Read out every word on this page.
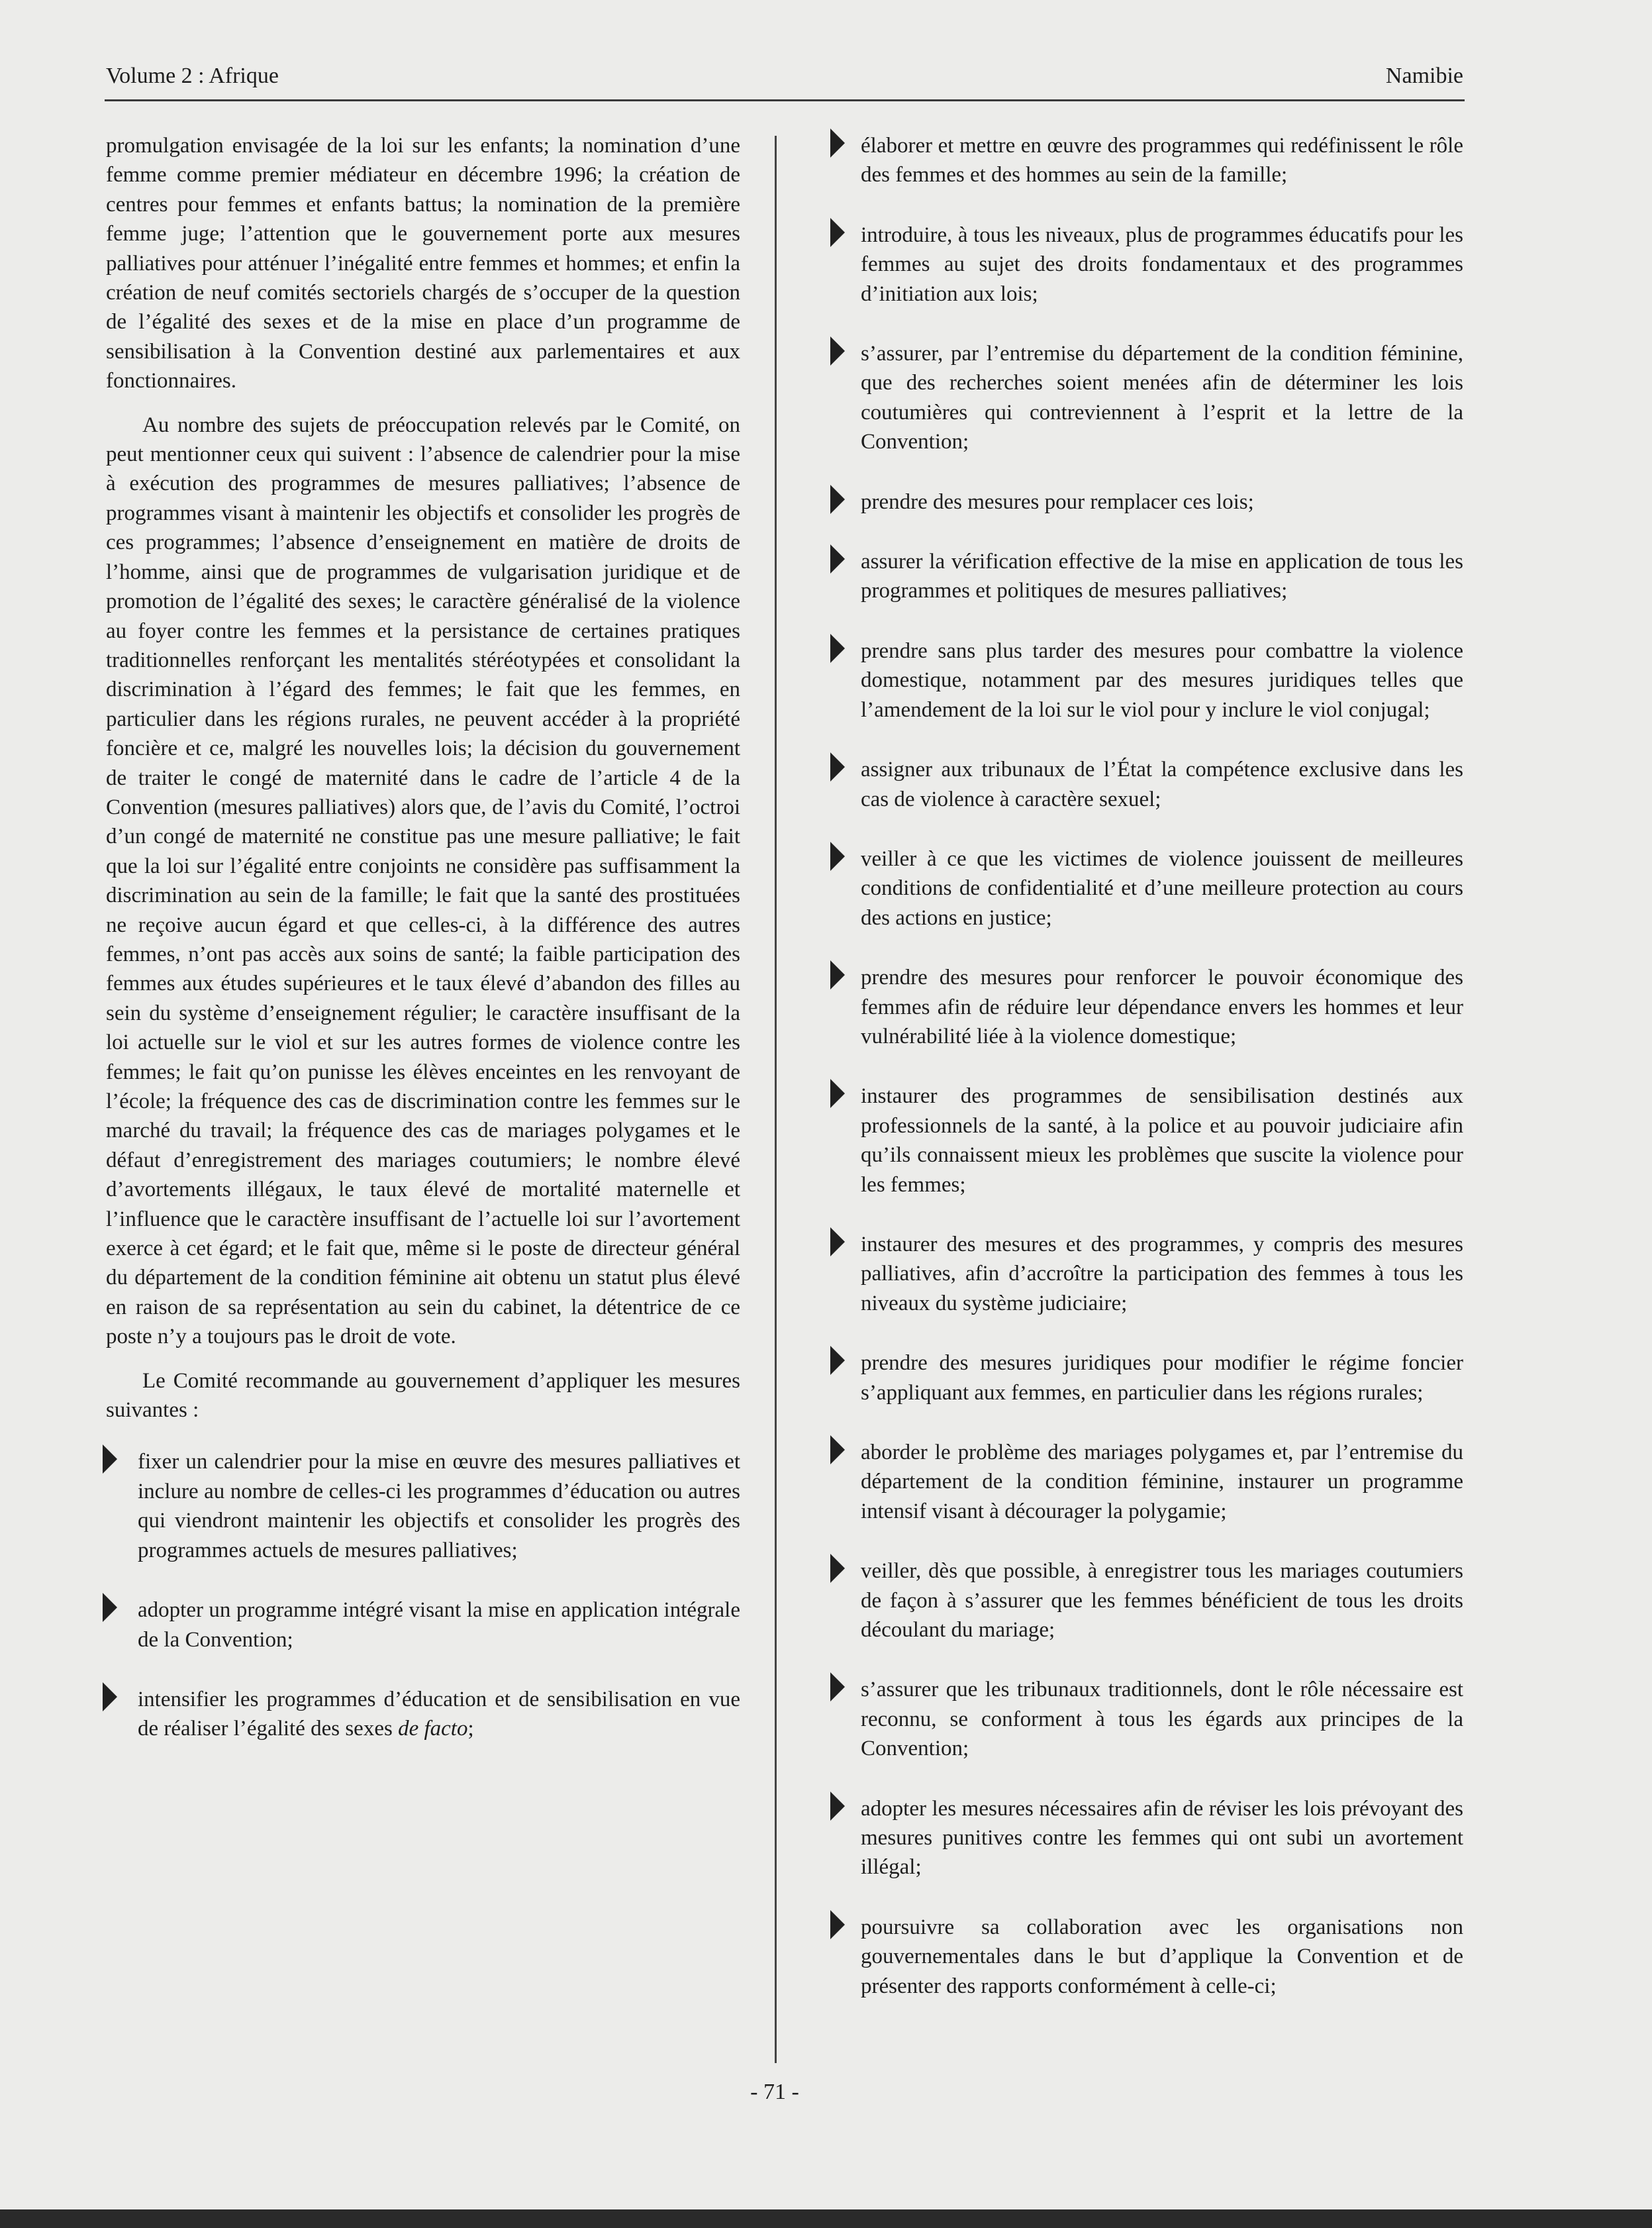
Volume 2 : Afrique	Namibie

promulgation envisagée de la loi sur les enfants; la nomination d’une femme comme premier médiateur en décembre 1996; la création de centres pour femmes et enfants battus; la nomination de la première femme juge; l’attention que le gouvernement porte aux mesures palliatives pour atténuer l’inégalité entre femmes et hommes; et enfin la création de neuf comités sectoriels chargés de s’occuper de la question de l’égalité des sexes et de la mise en place d’un programme de sensibilisation à la Convention destiné aux parlementaires et aux fonctionnaires.

Au nombre des sujets de préoccupation relevés par le Comité, on peut mentionner ceux qui suivent : l’absence de calendrier pour la mise à exécution des programmes de mesures palliatives; l’absence de programmes visant à maintenir les objectifs et consolider les progrès de ces programmes; l’absence d’enseignement en matière de droits de l’homme, ainsi que de programmes de vulgarisation juridique et de promotion de l’égalité des sexes; le caractère généralisé de la violence au foyer contre les femmes et la persistance de certaines pratiques traditionnelles renforçant les mentalités stéréotypées et consolidant la discrimination à l’égard des femmes; le fait que les femmes, en particulier dans les régions rurales, ne peuvent accéder à la propriété foncière et ce, malgré les nouvelles lois; la décision du gouvernement de traiter le congé de maternité dans le cadre de l’article 4 de la Convention (mesures palliatives) alors que, de l’avis du Comité, l’octroi d’un congé de maternité ne constitue pas une mesure palliative; le fait que la loi sur l’égalité entre conjoints ne considère pas suffisamment la discrimination au sein de la famille; le fait que la santé des prostituées ne reçoive aucun égard et que celles-ci, à la différence des autres femmes, n’ont pas accès aux soins de santé; la faible participation des femmes aux études supérieures et le taux élevé d’abandon des filles au sein du système d’enseignement régulier; le caractère insuffisant de la loi actuelle sur le viol et sur les autres formes de violence contre les femmes; le fait qu’on punisse les élèves enceintes en les renvoyant de l’école; la fréquence des cas de discrimination contre les femmes sur le marché du travail; la fréquence des cas de mariages polygames et le défaut d’enregistrement des mariages coutumiers; le nombre élevé d’avortements illégaux, le taux élevé de mortalité maternelle et l’influence que le caractère insuffisant de l’actuelle loi sur l’avortement exerce à cet égard; et le fait que, même si le poste de directeur général du département de la condition féminine ait obtenu un statut plus élevé en raison de sa représentation au sein du cabinet, la détentrice de ce poste n’y a toujours pas le droit de vote.

Le Comité recommande au gouvernement d’appliquer les mesures suivantes :

fixer un calendrier pour la mise en œuvre des mesures palliatives et inclure au nombre de celles-ci les programmes d’éducation ou autres qui viendront maintenir les objectifs et consolider les progrès des programmes actuels de mesures palliatives;

adopter un programme intégré visant la mise en application intégrale de la Convention;

intensifier les programmes d’éducation et de sensibilisation en vue de réaliser l’égalité des sexes de facto;

élaborer et mettre en œuvre des programmes qui redéfinissent le rôle des femmes et des hommes au sein de la famille;

introduire, à tous les niveaux, plus de programmes éducatifs pour les femmes au sujet des droits fondamentaux et des programmes d’initiation aux lois;

s’assurer, par l’entremise du département de la condition féminine, que des recherches soient menées afin de déterminer les lois coutumières qui contreviennent à l’esprit et la lettre de la Convention;

prendre des mesures pour remplacer ces lois;

assurer la vérification effective de la mise en application de tous les programmes et politiques de mesures palliatives;

prendre sans plus tarder des mesures pour combattre la violence domestique, notamment par des mesures juridiques telles que l’amendement de la loi sur le viol pour y inclure le viol conjugal;

assigner aux tribunaux de l’État la compétence exclusive dans les cas de violence à caractère sexuel;

veiller à ce que les victimes de violence jouissent de meilleures conditions de confidentialité et d’une meilleure protection au cours des actions en justice;

prendre des mesures pour renforcer le pouvoir économique des femmes afin de réduire leur dépendance envers les hommes et leur vulnérabilité liée à la violence domestique;

instaurer des programmes de sensibilisation destinés aux professionnels de la santé, à la police et au pouvoir judiciaire afin qu’ils connaissent mieux les problèmes que suscite la violence pour les femmes;

instaurer des mesures et des programmes, y compris des mesures palliatives, afin d’accroître la participation des femmes à tous les niveaux du système judiciaire;

prendre des mesures juridiques pour modifier le régime foncier s’appliquant aux femmes, en particulier dans les régions rurales;

aborder le problème des mariages polygames et, par l’entremise du département de la condition féminine, instaurer un programme intensif visant à décourager la polygamie;

veiller, dès que possible, à enregistrer tous les mariages coutumiers de façon à s’assurer que les femmes bénéficient de tous les droits découlant du mariage;

s’assurer que les tribunaux traditionnels, dont le rôle nécessaire est reconnu, se conforment à tous les égards aux principes de la Convention;

adopter les mesures nécessaires afin de réviser les lois prévoyant des mesures punitives contre les femmes qui ont subi un avortement illégal;

poursuivre sa collaboration avec les organisations non gouvernementales dans le but d’applique la Convention et de présenter des rapports conformément à celle-ci;

- 71 -
